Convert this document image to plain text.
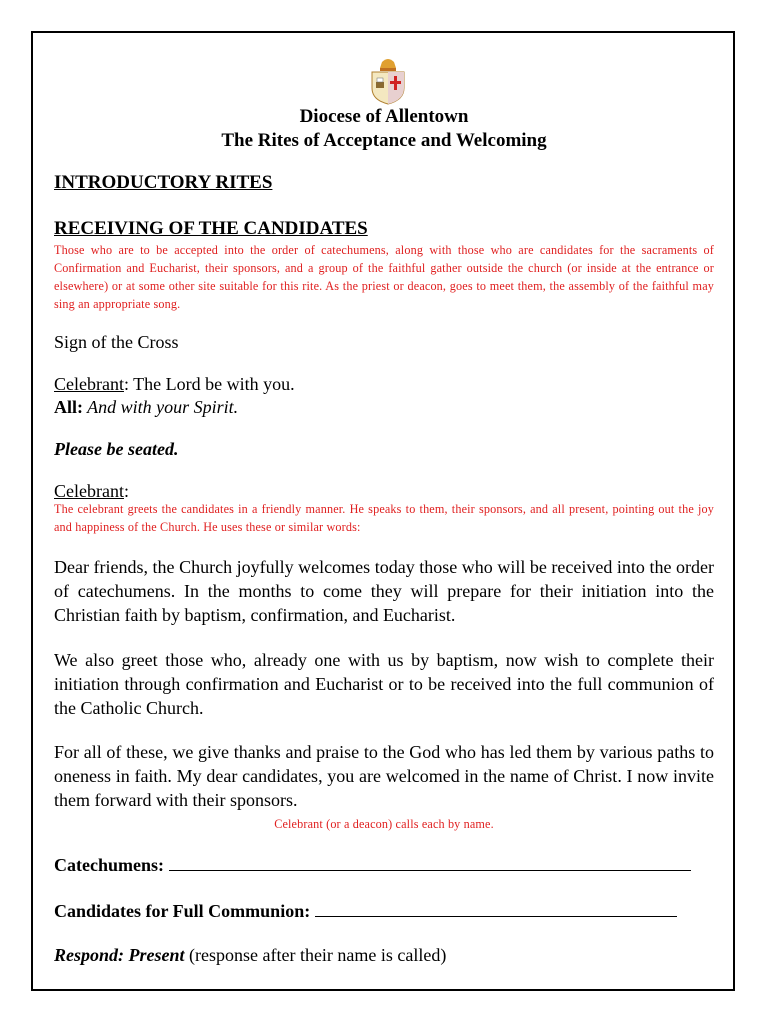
Diocese of Allentown
The Rites of Acceptance and Welcoming
INTRODUCTORY RITES
RECEIVING OF THE CANDIDATES
Those who are to be accepted into the order of catechumens, along with those who are candidates for the sacraments of Confirmation and Eucharist, their sponsors, and a group of the faithful gather outside the church (or inside at the entrance or elsewhere) or at some other site suitable for this rite. As the priest or deacon, goes to meet them, the assembly of the faithful may sing an appropriate song.
Sign of the Cross
Celebrant: The Lord be with you.
All: And with your Spirit.
Please be seated.
Celebrant:
The celebrant greets the candidates in a friendly manner. He speaks to them, their sponsors, and all present, pointing out the joy and happiness of the Church. He uses these or similar words:
Dear friends, the Church joyfully welcomes today those who will be received into the order of catechumens. In the months to come they will prepare for their initiation into the Christian faith by baptism, confirmation, and Eucharist.
We also greet those who, already one with us by baptism, now wish to complete their initiation through confirmation and Eucharist or to be received into the full communion of the Catholic Church.
For all of these, we give thanks and praise to the God who has led them by various paths to oneness in faith. My dear candidates, you are welcomed in the name of Christ. I now invite them forward with their sponsors.
Celebrant (or a deacon) calls each by name.
Catechumens:
Candidates for Full Communion:
Respond: Present (response after their name is called)
